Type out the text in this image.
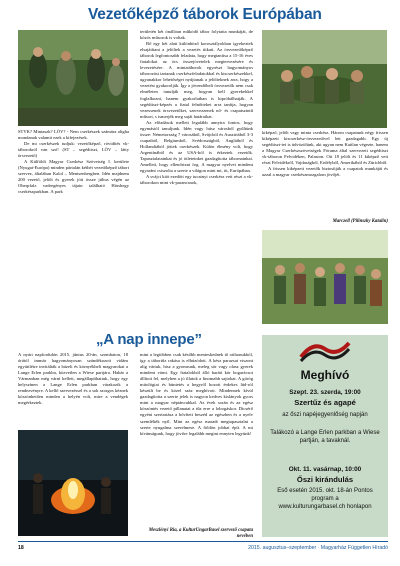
Vezetőképző táborok Európában

STVK? Mintaszk? LÖV? - Nem cserkészek számára aligha mondanak valamit ezek a kifejezések.

De mi cserkészek tudjuk: vezetőképző, rövidítés vk-táborokról van szó! (ST – segédtiszt, LÖV – látty örsvezető)

A Külföldi Magyar Cserkész Szövetség I. kerülete (Nyugat-Európa) minden pártalán kéthét vezetőképző tábort szervez, általában Kalol – Mentsenbergben. Idén majdnem 200 vezető, jelölt és gyerek jött össze július végén az Oberpfalz vadregényes tájain található Hárshegy cserkészparkban. A park

területén két önállóan működő tábor folytatta munkáját, de közös műsorok is voltak.

Bő egy hét alatt különböző korosztályokban igyekeztek elsajátítani a jelöltek a vezetés titkait. Az örsvezetőképző táborok legfontosabb feladata, hogy megtanítsa a 15-16 éves fiatalokat az örs összejövetelek megtervezésére és levezetésére. A mintatáborok egyrészt hagyományos táborozást tartanak cserkészfeladatokkal és kiscserkészekkel, ugyanakkor lehetőséget nyújtanak a jelölteknek arra, hogy a vezetést gyakorolják. Így a jövendőbeli örsvezetők nem csak elméleten tanulják meg, hogyan kell gyerekekkel foglalkozni, hanem gyakorlatban is kipróbálhatják. A segédtiszt-képzés a fiatal felnőtteket arra tanítja, hogyan vezessenek örsvezetőket, szervezzenek nő- és csapatszintű műsort, s ismerjék meg saját határaikat.

Az előadások mellett legalább annyira fontos, hogy egymástól tanuljunk. Idén vagy húsz városból gyűltünk össze: Németország 7 városából, Svájcból és Ausztriából 3-3 csapatból, Belgiumból, Svédországból, Angliából és Hollandiából jöttek cserkészek. Külön élmény volt, hogy Argentínából és az USA-ból is érkeztek vezetők. Tapasztalatainkat és jó ötleteinket gazdagította tábornainkat. Amellett, hogy ellenőrizni fog. A magyar nyelvet mindent egyaránt csiszolta a szerte a világon mint mi, itt, Európában.

A svájci kiöt ezedött egy tucatnyi cserkész vett részt a vk-táborokon mint vk-parancsnok,

kiképző, jelölt vagy minta cserkész. Három csapatunk négy frissen kiképzett kiscserkész-örsvezetővel lett gazdagabb. Egy új segédtiszt-tet is üdvözölünk, aki ugyan nem Kaitlan végezte, hanem a Magyar Cserkészszövetségek Fóruma által szervezett segédtiszt vk-táboron Felvidéken, Palaston. Ott 18 jelölt és 11 kiképző vett részt Felvidékről, Vajdaságból, Erdélyből, Amerikából és Zürichből.

A frissen kiképzett vezetők biztosítják a csapatok munkáját és azzal a magyar cserkészmozgalom jövőjét.

Marczell (Pilinszky Katalin)
„A nap innepe”

A nyári napfordulón 2015. június 20-án, szombaton, 18 órától immár hagyományosan szándékozott vidám együttlétre invitálták a bázeli és környékbeli magyarokat a Lange Erlen parkba, közvetlen a Wiese partjára. Habár a Vármanban még várni kellett, megállapíthattuk, hogy egy helyszínen a Lange Erlen parkban várakozik a rendezvényre. A kellő szervezéssel és a sok szorgos kéznek köszönhetően minden a helyén volt, mire a vendégek megérkeztek.

mint a legtöbben csak később menteskednek tő otthonukból, így a tábortűz rakása is elhúzódott. A kész parazsat viszont alig vártuk, hisz a gyomrunk, meleg sör vagy olasz gyerek mindent várni. Egy fiatalokból álló baráti kör hogarácsot állított fel, melyben a jó illatok a finomabb sajtokat. A görög mitológiai és büntetés a hegyről hozott érdekes lúd-ról készült be és közel száz meghívott. Mindennek kívül gazdagította a szerte jelek is nagyon kedves kislányok gyors mint a magyar néptáncukkal. Az évek során és az egész köszöntés vezető pillanatai a tűz erre a lobogáskor. Dicsérő egyéni szertartása a bővített beszéd az egészben és a nyelv szemlélték nyíl. Mint az egész maradt megtapasztalni a szerte nyugalma szerelmese. A földön jobbat épít. A mi kívánságunk, hogy jövőre legalább megint ennyien legyünk!

Meszlényi Ria, a KulturUngarBasel szervező csapata nevében
Meghívó
Szept. 23. szerda, 19:00
Szertűz és agapé
az őszi napéjegyenlőség napján
Talákozó a Lange Erlen parkban a Wiese partján, a tavaknál.
Okt. 11. vasárnap, 10:00
Őszi kirándulás
Eső esetén 2015. okt. 18-án Pontos program a
www.kulturungarbasel.ch honlapon
18	2015. augusztus–szeptember · Magyarház Független Híradó
